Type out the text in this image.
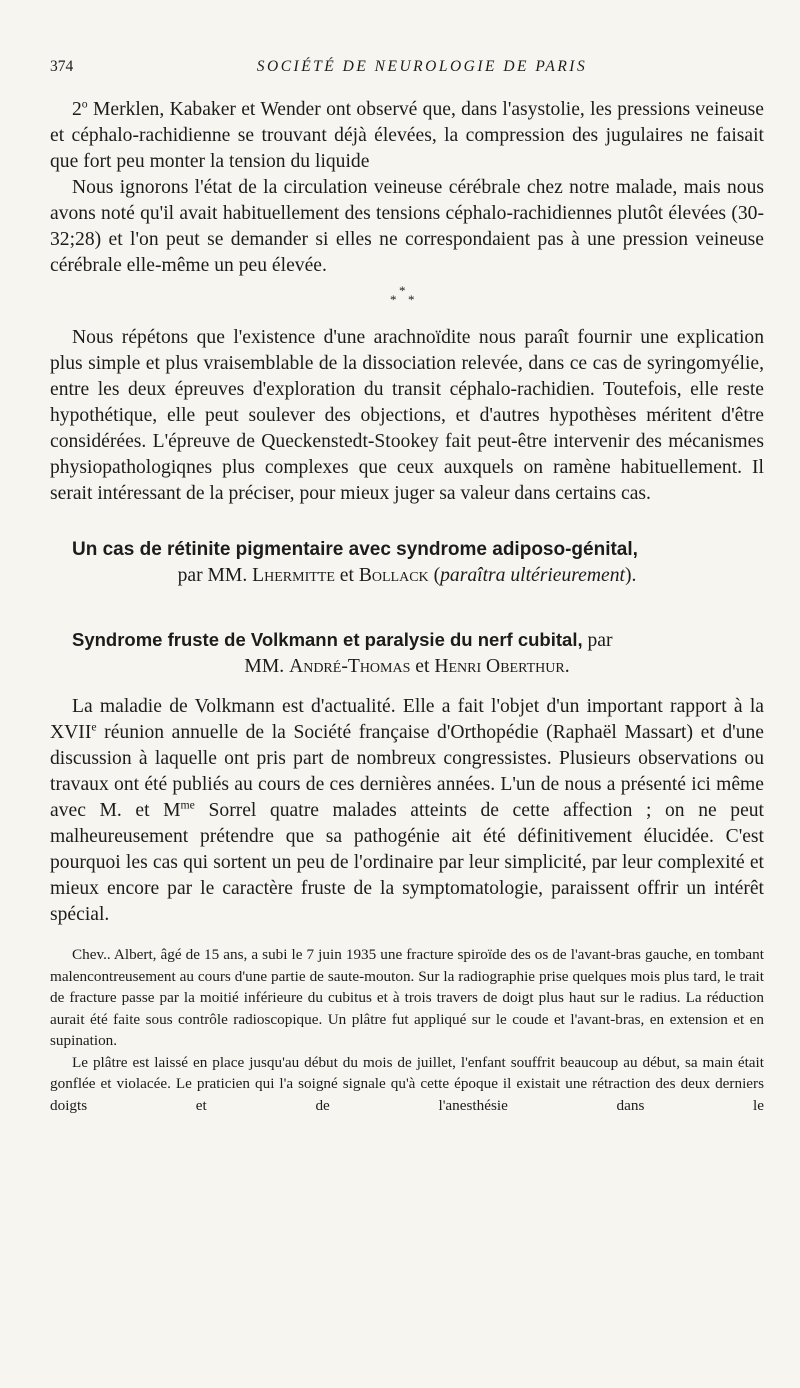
374	SOCIÉTÉ DE NEUROLOGIE DE PARIS

2$^o$ Merklen, Kabaker et Wender ont observé que, dans l'asystolie, les pressions veineuse et céphalo-rachidienne se trouvant déjà élevées, la compression des jugulaires ne faisait que fort peu monter la tension du liquide

Nous ignorons l'état de la circulation veineuse cérébrale chez notre malade, mais nous avons noté qu'il avait habituellement des tensions céphalo-rachidiennes plutôt élevées (30-32;28) et l'on peut se demander si elles ne correspondaient pas à une pression veineuse cérébrale elle-même un peu élevée.

*
* *

Nous répétons que l'existence d'une arachnoïdite nous paraît fournir une explication plus simple et plus vraisemblable de la dissociation relevée, dans ce cas de syringomyélie, entre les deux épreuves d'exploration du transit céphalo-rachidien. Toutefois, elle reste hypothétique, elle peut soulever des objections, et d'autres hypothèses méritent d'être considérées. L'épreuve de Queckenstedt-Stookey fait peut-être intervenir des mécanismes physiopathologiqnes plus complexes que ceux auxquels on ramène habituellement. Il serait intéressant de la préciser, pour mieux juger sa valeur dans certains cas.

Un cas de rétinite pigmentaire avec syndrome adiposo-génital,

par MM. Lhermitte et Bollack (paraîtra ultérieurement).

Syndrome fruste de Volkmann et paralysie du nerf cubital, par

MM. André-Thomas et Henri Oberthur.

La maladie de Volkmann est d'actualité. Elle a fait l'objet d'un important rapport à la XVIIe réunion annuelle de la Société française d'Orthopédie (Raphaël Massart) et d'une discussion à laquelle ont pris part de nombreux congressistes. Plusieurs observations ou travaux ont été publiés au cours de ces dernières années. L'un de nous a présenté ici même avec M. et $M^{me}$ Sorrel quatre malades atteints de cette affection ; on ne peut malheureusement prétendre que sa pathogénie ait été définitivement élucidée. C'est pourquoi les cas qui sortent un peu de l'ordinaire par leur simplicité, par leur complexité et mieux encore par le caractère fruste de la symptomatologie, paraissent offrir un intérêt spécial.

Chev.. Albert, âgé de 15 ans, a subi le 7 juin 1935 une fracture spiroïde des os de l'avant-bras gauche, en tombant malencontreusement au cours d'une partie de saute-mouton. Sur la radiographie prise quelques mois plus tard, le trait de fracture passe par la moitié inférieure du cubitus et à trois travers de doigt plus haut sur le radius. La réduction aurait été faite sous contrôle radioscopique. Un plâtre fut appliqué sur le coude et l'avant-bras, en extension et en supination.

Le plâtre est laissé en place jusqu'au début du mois de juillet, l'enfant souffrit beaucoup au début, sa main était gonflée et violacée. Le praticien qui l'a soigné signale qu'à cette époque il existait une rétraction des deux derniers doigts et de l'anesthésie dans le
